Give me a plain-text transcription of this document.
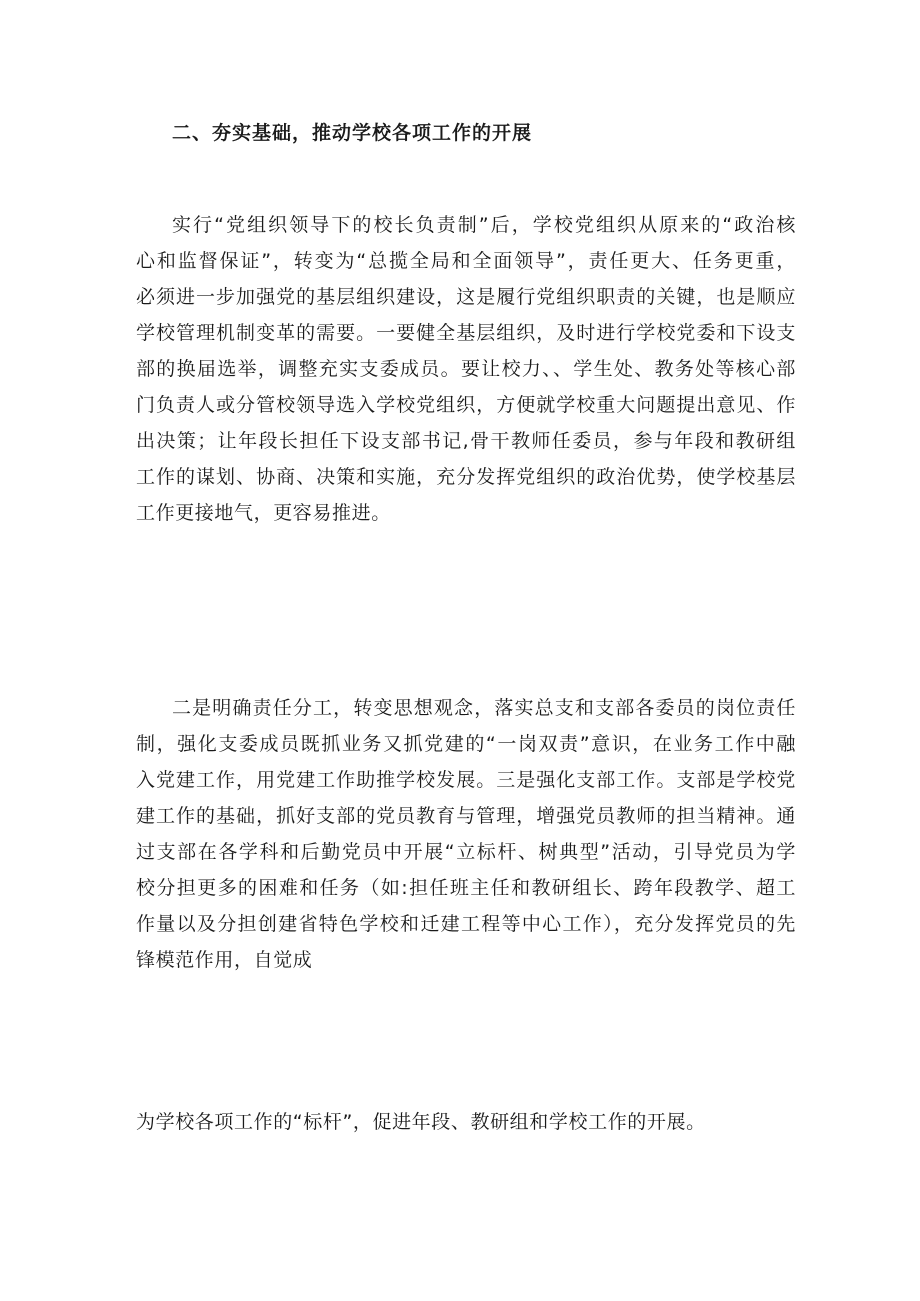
二、夯实基础，推动学校各项工作的开展
实行“党组织领导下的校长负责制”后，学校党组织从原来的“政治核
心和监督保证”，转变为“总揽全局和全面领导”，责任更大、任务更重，
必须进一步加强党的基层组织建设，这是履行党组织职责的关键，也是顺应
学校管理机制变革的需要。一要健全基层组织，及时进行学校党委和下设支
部的换届选举，调整充实支委成员。要让校力、、学生处、教务处等核心部
门负责人或分管校领导选入学校党组织，方便就学校重大问题提出意见、作
出决策；让年段长担任下设支部书记,骨干教师任委员，参与年段和教研组
工作的谋划、协商、决策和实施，充分发挥党组织的政治优势，使学校基层
工作更接地气，更容易推进。
二是明确责任分工，转变思想观念，落实总支和支部各委员的岗位责任
制，强化支委成员既抓业务又抓党建的“一岗双责”意识，在业务工作中融
入党建工作，用党建工作助推学校发展。三是强化支部工作。支部是学校党
建工作的基础，抓好支部的党员教育与管理，增强党员教师的担当精神。通
过支部在各学科和后勤党员中开展“立标杆、树典型”活动，引导党员为学
校分担更多的困难和任务（如:担任班主任和教研组长、跨年段教学、超工
作量以及分担创建省特色学校和迁建工程等中心工作），充分发挥党员的先
锋模范作用，自觉成
为学校各项工作的“标杆”，促进年段、教研组和学校工作的开展。
